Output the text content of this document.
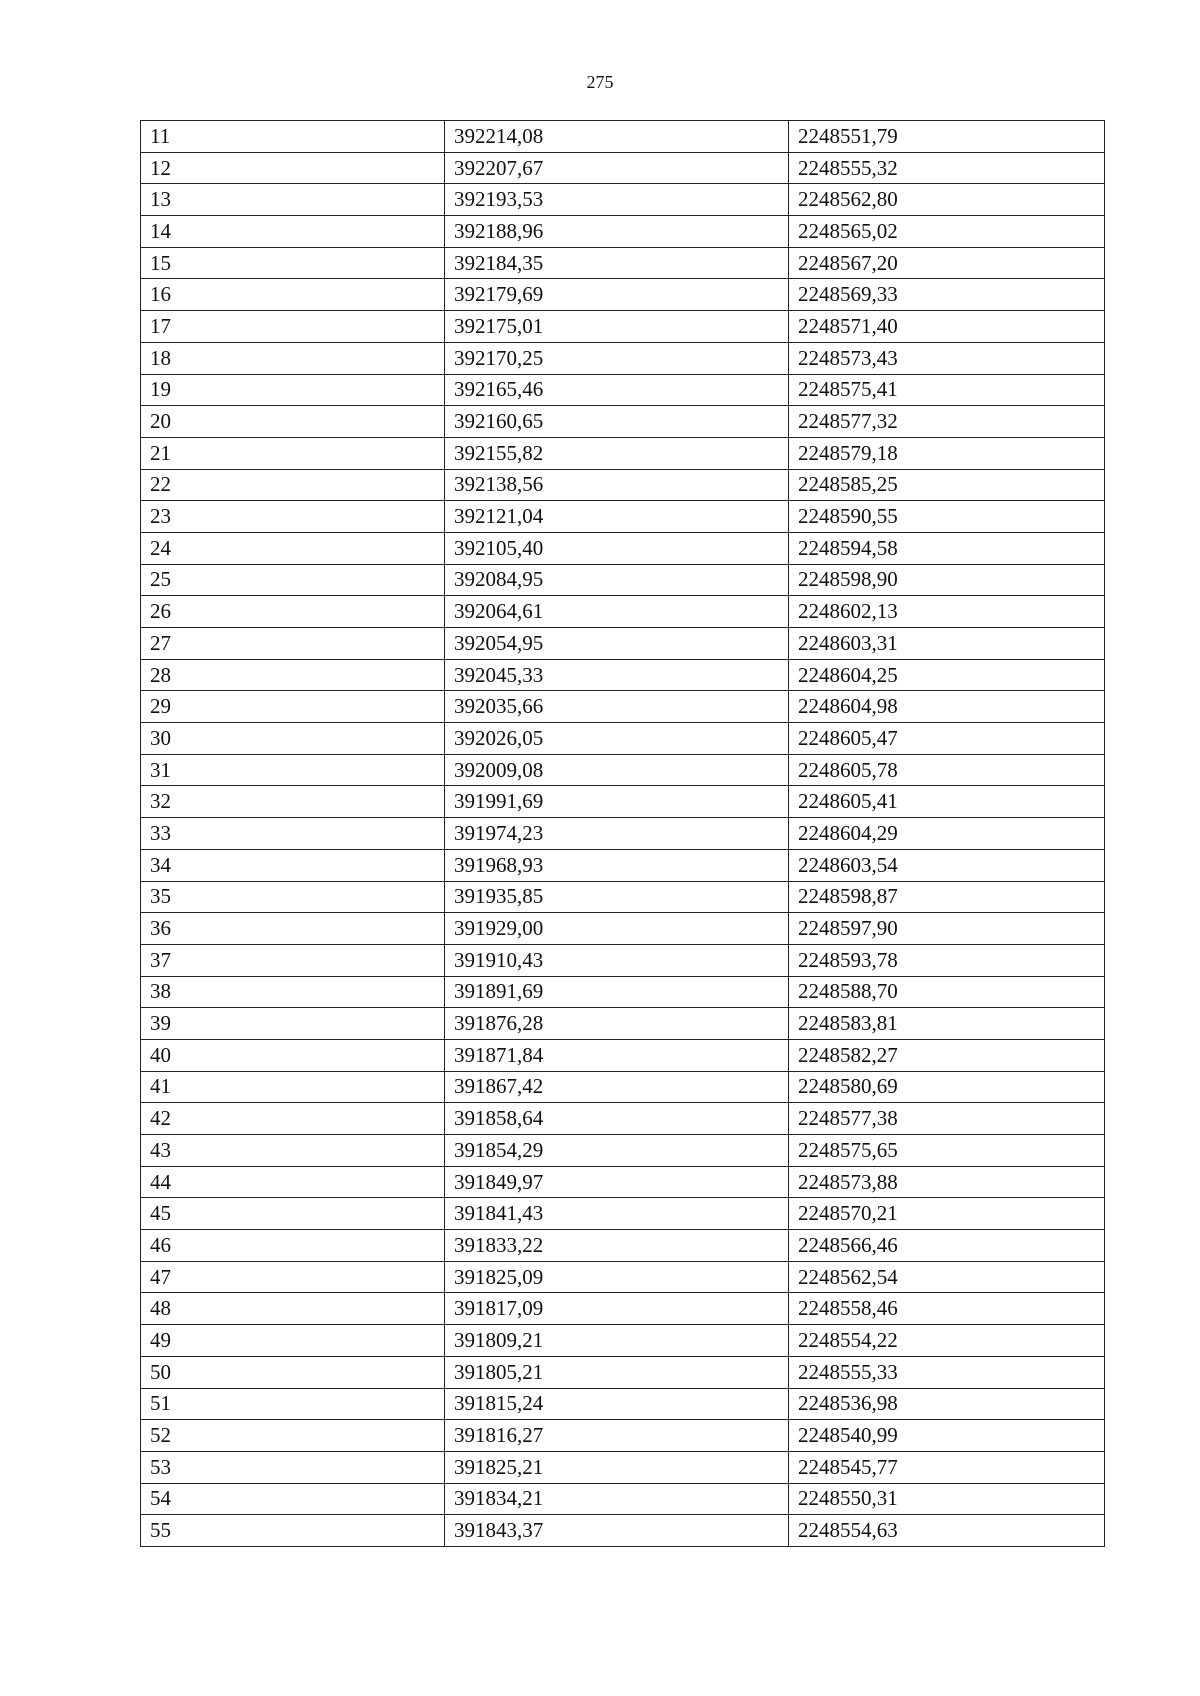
275
11	392214,08	2248551,79
12	392207,67	2248555,32
13	392193,53	2248562,80
14	392188,96	2248565,02
15	392184,35	2248567,20
16	392179,69	2248569,33
17	392175,01	2248571,40
18	392170,25	2248573,43
19	392165,46	2248575,41
20	392160,65	2248577,32
21	392155,82	2248579,18
22	392138,56	2248585,25
23	392121,04	2248590,55
24	392105,40	2248594,58
25	392084,95	2248598,90
26	392064,61	2248602,13
27	392054,95	2248603,31
28	392045,33	2248604,25
29	392035,66	2248604,98
30	392026,05	2248605,47
31	392009,08	2248605,78
32	391991,69	2248605,41
33	391974,23	2248604,29
34	391968,93	2248603,54
35	391935,85	2248598,87
36	391929,00	2248597,90
37	391910,43	2248593,78
38	391891,69	2248588,70
39	391876,28	2248583,81
40	391871,84	2248582,27
41	391867,42	2248580,69
42	391858,64	2248577,38
43	391854,29	2248575,65
44	391849,97	2248573,88
45	391841,43	2248570,21
46	391833,22	2248566,46
47	391825,09	2248562,54
48	391817,09	2248558,46
49	391809,21	2248554,22
50	391805,21	2248555,33
51	391815,24	2248536,98
52	391816,27	2248540,99
53	391825,21	2248545,77
54	391834,21	2248550,31
55	391843,37	2248554,63
